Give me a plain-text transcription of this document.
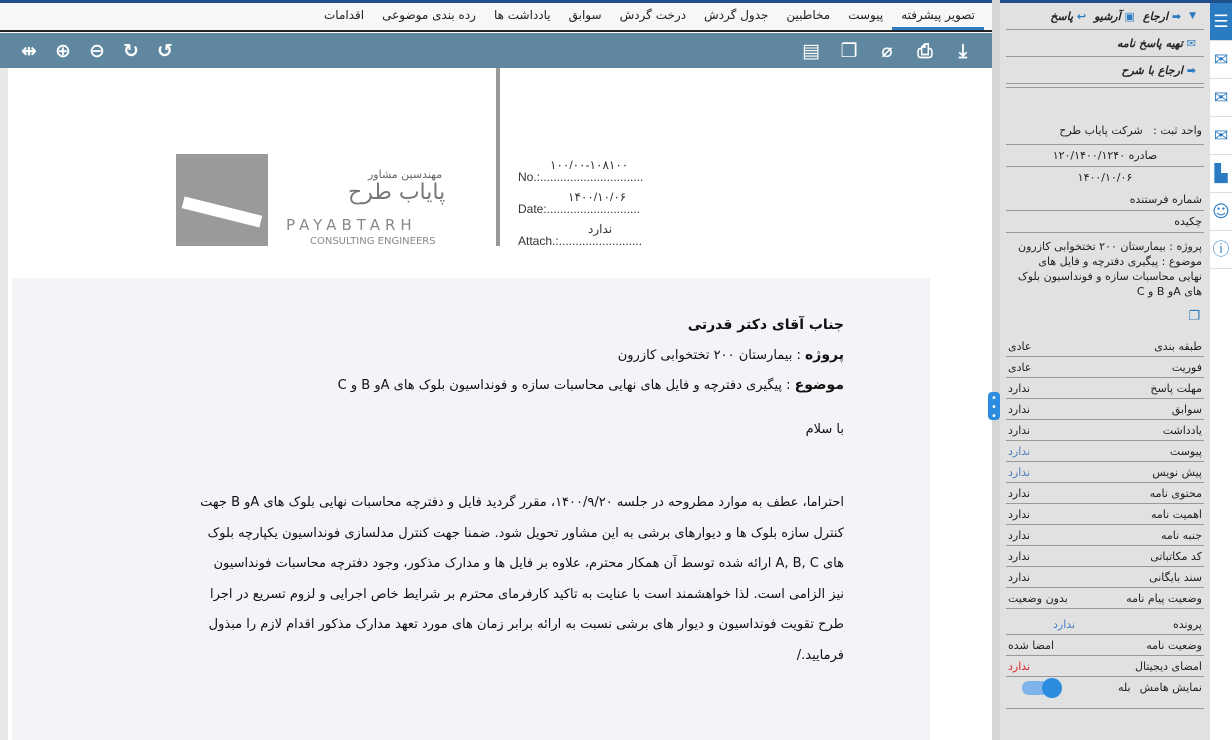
تصویر پیشرفته
پیوست
مخاطبین
جدول گردش
درخت گردش
سوابق
یادداشت ها
رده بندی موضوعی
اقدامات
⇹ ⊕ ⊖ ↻ ↺	▤ ❐ ⌀ ⎙	⤓
مهندسین مشاور
پایاب طرح
PAYABTARH
CONSULTING ENGINEERS
No.:...............................
۱۰۰/۰۰-۱۰۸۱۰۰
Date:............................
۱۴۰۰/۱۰/۰۶
Attach.:.........................
ندارد
جناب آقای دکتر قدرتی
پروژه : بیمارستان ۲۰۰ تختخوابی کازرون
موضوع : پیگیری دفترچه و فایل های نهایی محاسبات سازه و فونداسیون بلوک های Aو B و C
با سلام
احتراما، عطف به موارد مطروحه در جلسه ۱۴۰۰/۹/۲۰، مقرر گردید فایل و دفترچه محاسبات نهایی بلوک های Aو B جهت
کنترل سازه بلوک ها و دیوارهای برشی به این مشاور تحویل شود. ضمنا جهت کنترل مدلسازی فونداسیون یکپارچه بلوک
های A, B, C ارائه شده توسط آن همکار محترم، علاوه بر فایل ها و مدارک مذکور، وجود دفترچه محاسبات فونداسیون
نیز الزامی است. لذا خواهشمند است با عنایت به تاکید کارفرمای محترم بر شرایط خاص اجرایی و لزوم تسریع در اجرا
طرح تقویت فونداسیون و دیوار های برشی نسبت به ارائه برابر زمان های مورد تعهد مدارک مذکور اقدام لازم را مبذول
فرمایید./
•
•
•
▼
➡ ارجاع
▣ آرشیو
↩ پاسخ
✉ تهیه پاسخ نامه
➡ ارجاع با شرح
واحد ثبت :   شرکت پایاب طرح
صادره ۱۲۰/۱۴۰۰/۱۲۴۰
۱۴۰۰/۱۰/۰۶
شماره فرستنده
چکیده
پروژه : بیمارستان ۲۰۰ تختخوابی کازرون موضوع : پیگیری دفترچه و فایل های نهایی محاسبات سازه و فونداسیون بلوک های Aو B و C
❐
طبقه بندی
عادی
فوریت
عادی
مهلت پاسخ
ندارد
سوابق
ندارد
یادداشت
ندارد
پیوست
ندارد
پیش نویس
ندارد
محتوی نامه
ندارد
اهمیت نامه
ندارد
جنبه نامه
ندارد
کد مکاتباتی
ندارد
سند بایگانی
ندارد
وضعیت پیام نامه
بدون وضعیت
پرونده
ندارد
وضعیت نامه
امضا شده
امضای دیجیتال
ندارد
نمایش هامش
بله
☰
✉
✉
✉
▙
☺
ⓘ
